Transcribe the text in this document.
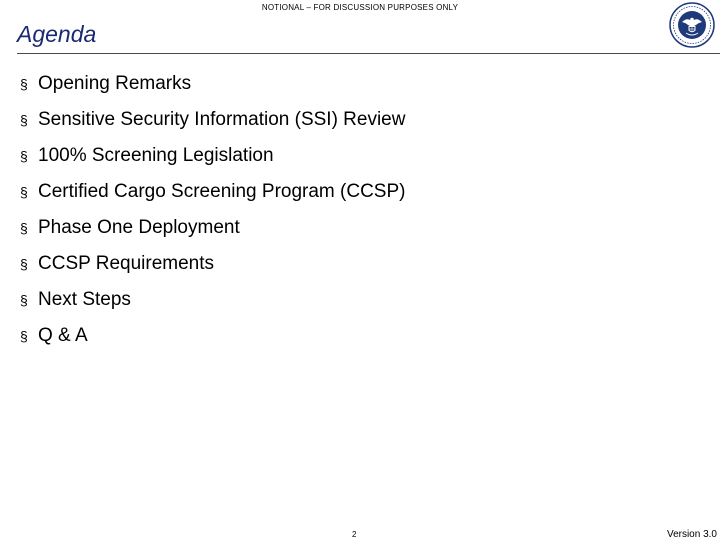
NOTIONAL – FOR DISCUSSION PURPOSES ONLY
Agenda
§ Opening Remarks
§ Sensitive Security Information (SSI) Review
§ 100% Screening Legislation
§ Certified Cargo Screening Program (CCSP)
§ Phase One Deployment
§ CCSP Requirements
§ Next Steps
§ Q & A
2	Version 3.0
